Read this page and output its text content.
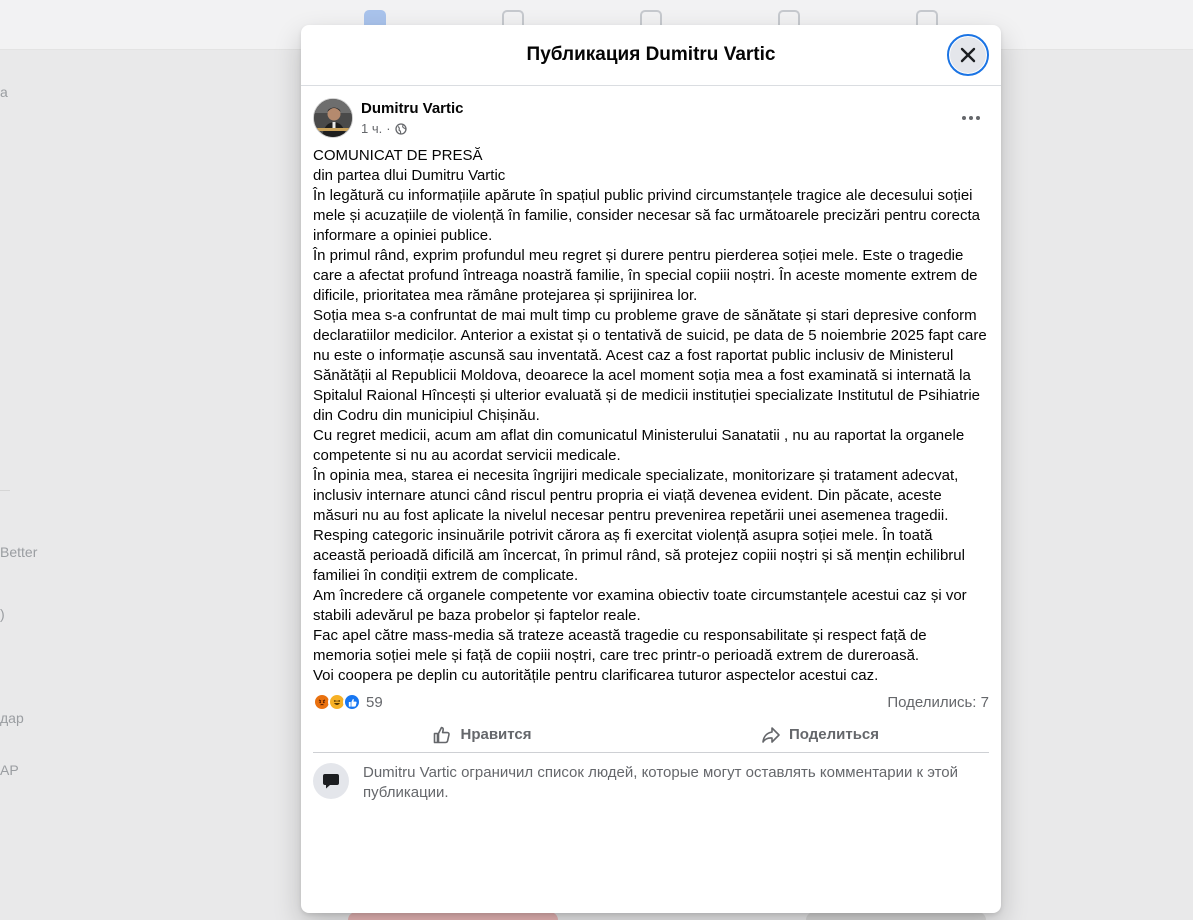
а
Better
)
дар
АР
Публикация Dumitru Vartic
Dumitru Vartic
1 ч. ·

COMUNICAT DE PRESĂ

din partea dlui Dumitru Vartic

În legătură cu informațiile apărute în spațiul public privind circumstanțele tragice ale decesului soției mele și acuzațiile de violență în familie, consider necesar să fac următoarele precizări pentru corecta informare a opiniei publice.

În primul rând, exprim profundul meu regret și durere pentru pierderea soției mele. Este o tragedie care a afectat profund întreaga noastră familie, în special copiii noștri. În aceste momente extrem de dificile, prioritatea mea rămâne protejarea și sprijinirea lor.

Soția mea s-a confruntat de mai mult timp cu probleme grave de sănătate și stari depresive conform declaratiilor medicilor. Anterior a existat și o tentativă de suicid, pe data de 5 noiembrie 2025 fapt care nu este o informație ascunsă sau inventată. Acest caz a fost raportat public inclusiv de Ministerul Sănătății al Republicii Moldova, deoarece la acel moment soția mea a fost examinată si internată la Spitalul Raional Hîncești și ulterior evaluată și de medicii instituției specializate Institutul de Psihiatrie din Codru din municipiul Chișinău.

Cu regret medicii, acum am aflat din comunicatul Ministerului Sanatatii , nu au raportat la organele competente si nu au acordat servicii medicale.

În opinia mea, starea ei necesita îngrijiri medicale specializate, monitorizare și tratament adecvat, inclusiv internare atunci când riscul pentru propria ei viață devenea evident. Din păcate, aceste măsuri nu au fost aplicate la nivelul necesar pentru prevenirea repetării unei asemenea tragedii.

Resping categoric insinuările potrivit cărora aș fi exercitat violență asupra soției mele. În toată această perioadă dificilă am încercat, în primul rând, să protejez copiii noștri și să mențin echilibrul familiei în condiții extrem de complicate.

Am încredere că organele competente vor examina obiectiv toate circumstanțele acestui caz și vor stabili adevărul pe baza probelor și faptelor reale.

Fac apel către mass-media să trateze această tragedie cu responsabilitate și respect față de memoria soției mele și față de copiii noștri, care trec printr-o perioadă extrem de dureroasă.

Voi coopera pe deplin cu autoritățile pentru clarificarea tuturor aspectelor acestui caz.

59	Поделились: 7
Нравится	Поделиться
Dumitru Vartic ограничил список людей, которые могут оставлять комментарии к этой публикации.
